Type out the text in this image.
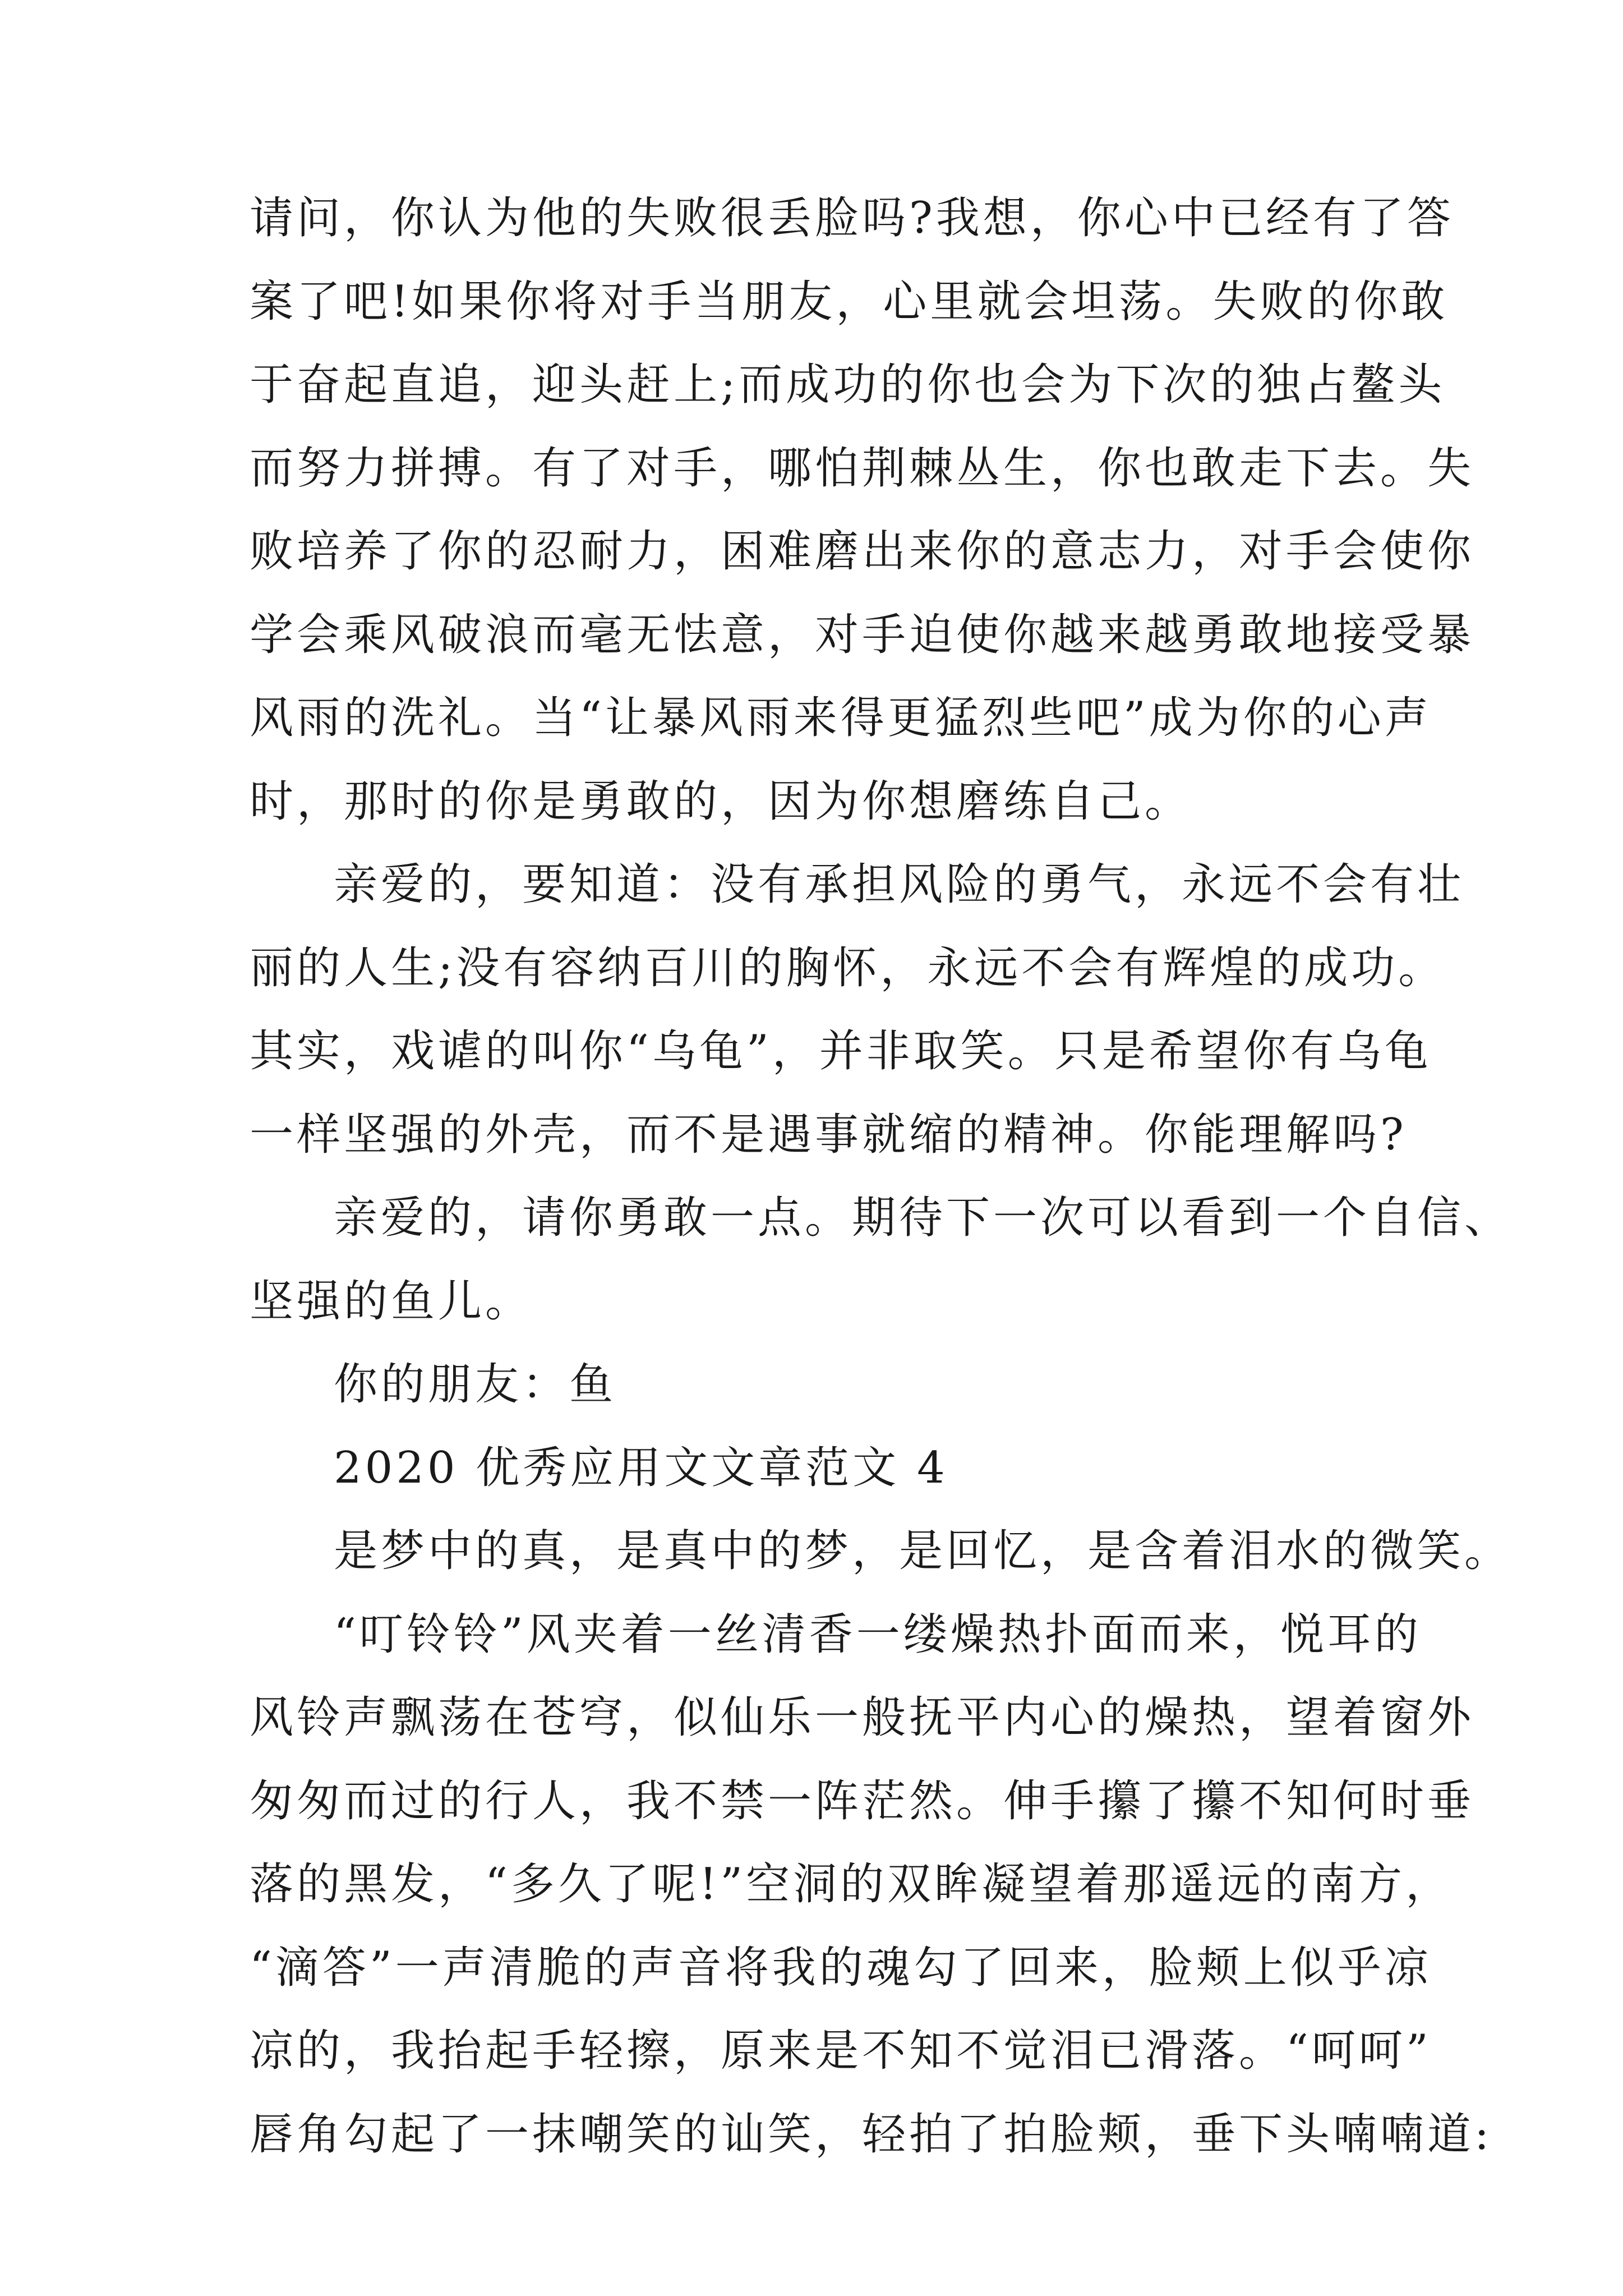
请问，你认为他的失败很丢脸吗?我想，你心中已经有了答
案了吧!如果你将对手当朋友，心里就会坦荡。失败的你敢
于奋起直追，迎头赶上;而成功的你也会为下次的独占鳌头
而努力拼搏。有了对手，哪怕荆棘丛生，你也敢走下去。失
败培养了你的忍耐力，困难磨出来你的意志力，对手会使你
学会乘风破浪而毫无怯意，对手迫使你越来越勇敢地接受暴
风雨的洗礼。当“让暴风雨来得更猛烈些吧”成为你的心声
时，那时的你是勇敢的，因为你想磨练自己。
亲爱的，要知道：没有承担风险的勇气，永远不会有壮
丽的人生;没有容纳百川的胸怀，永远不会有辉煌的成功。
其实，戏谑的叫你“乌龟”，并非取笑。只是希望你有乌龟
一样坚强的外壳，而不是遇事就缩的精神。你能理解吗?
亲爱的，请你勇敢一点。期待下一次可以看到一个自信、
坚强的鱼儿。
你的朋友：鱼
2020 优秀应用文文章范文 4
是梦中的真，是真中的梦，是回忆，是含着泪水的微笑。
“叮铃铃”风夹着一丝清香一缕燥热扑面而来，悦耳的
风铃声飘荡在苍穹，似仙乐一般抚平内心的燥热，望着窗外
匆匆而过的行人，我不禁一阵茫然。伸手攥了攥不知何时垂
落的黑发，“多久了呢!”空洞的双眸凝望着那遥远的南方，
“滴答”一声清脆的声音将我的魂勾了回来，脸颊上似乎凉
凉的，我抬起手轻擦，原来是不知不觉泪已滑落。“呵呵”
唇角勾起了一抹嘲笑的讪笑，轻拍了拍脸颊，垂下头喃喃道:
